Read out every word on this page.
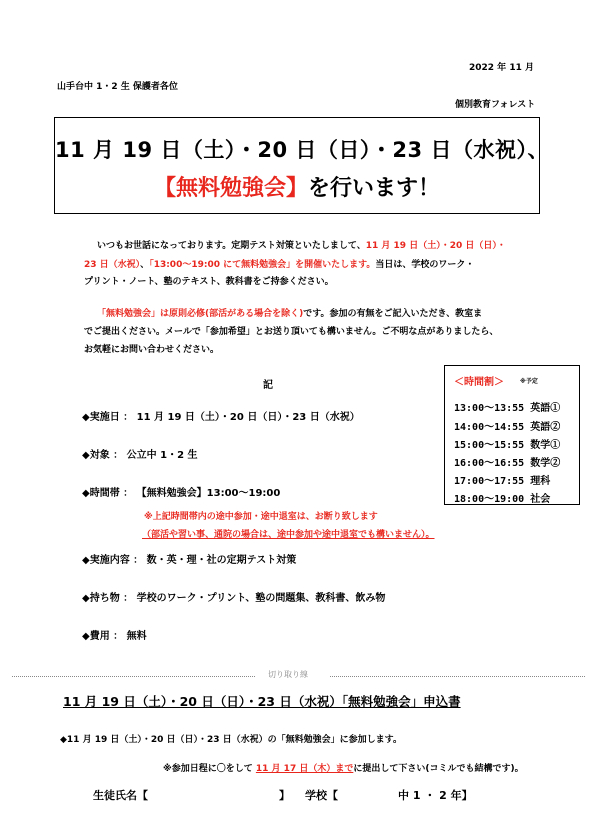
2022 年 11 月
山手台中 1・2 生 保護者各位
個別教育フォレスト
11 月 19 日（土）・20 日（日）・23 日（水祝）、
【無料勉強会】を行います！
いつもお世話になっております。定期テスト対策といたしまして、11 月 19 日（土）・20 日（日）・
23 日（水祝）、「13:00～19:00 にて無料勉強会」を開催いたします。当日は、学校のワーク・
プリント・ノート、塾のテキスト、教科書をご持参ください。
「無料勉強会」は原則必修(部活がある場合を除く)です。参加の有無をご記入いただき、教室ま
でご提出ください。メールで「参加希望」とお送り頂いても構いません。ご不明な点がありましたら、
お気軽にお問い合わせください。
記
◆実施日 ： 11 月 19 日（土）・20 日（日）・23 日（水祝）
◆対象 ： 公立中 1・2 生
◆時間帯 ： 【無料勉強会】13:00～19:00
※上記時間帯内の途中参加・途中退室は、お断り致します
（部活や習い事、通院の場合は、途中参加や途中退室でも構いません）。
◆実施内容 ： 数・英・理・社の定期テスト対策
◆持ち物 ： 学校のワーク・プリント、塾の問題集、教科書、飲み物
◆費用 ： 無料
＜時間割＞	※予定
13:00～13:55 英語①
14:00～14:55 英語②
15:00～15:55 数学①
16:00～16:55 数学②
17:00～17:55 理科
18:00～19:00 社会
切り取り線
11 月 19 日（土）・20 日（日）・23 日（水祝）「無料勉強会」申込書
◆11 月 19 日（土）・20 日（日）・23 日（水祝）の「無料勉強会」に参加します。
※参加日程に〇をして 11 月 17 日（木）までに提出して下さい(コミルでも結構です)。
生徒氏名【	】 学校【	中 1 ・ 2 年】
